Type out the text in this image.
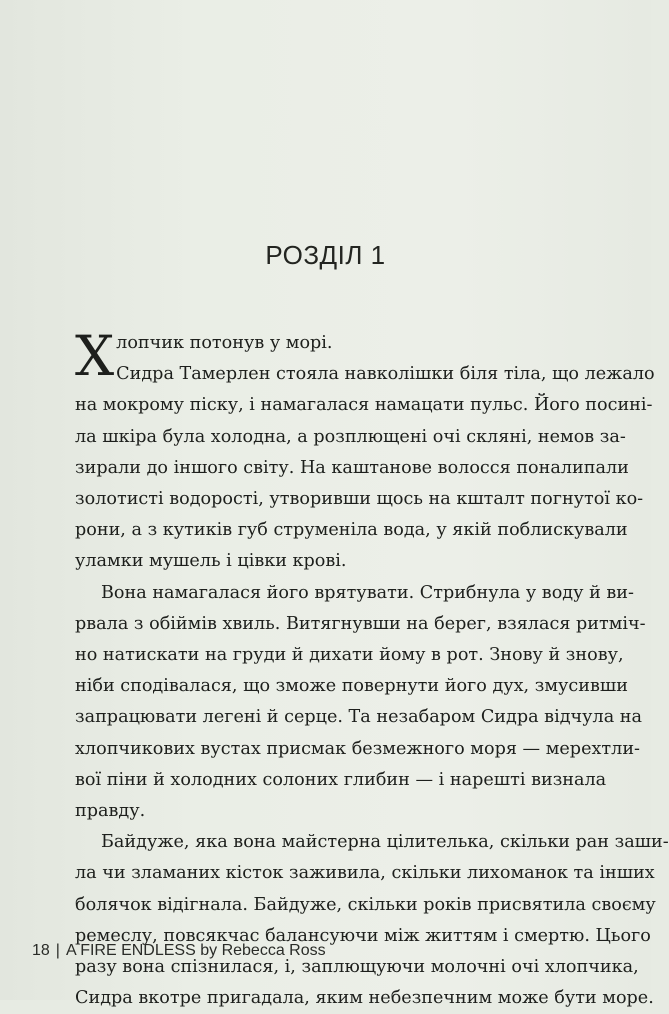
РОЗДІЛ 1
Х лопчик потонув у морі.
Сидра Тамерлен стояла навколішки біля тіла, що лежало
на мокрому піску, і намагалася намацати пульс. Його посині-
ла шкіра була холодна, а розплющені очі скляні, немов за-
зирали до іншого світу. На каштанове волосся поналипали
золотисті водорості, утворивши щось на кшталт погнутої ко-
рони, а з кутиків губ струменіла вода, у якій поблискували
уламки мушель і цівки крові.
Вона намагалася його врятувати. Стрибнула у воду й ви-
рвала з обіймів хвиль. Витягнувши на берег, взялася ритміч-
но натискати на груди й дихати йому в рот. Знову й знову,
ніби сподівалася, що зможе повернути його дух, змусивши
запрацювати легені й серце. Та незабаром Сидра відчула на
хлопчикових вустах присмак безмежного моря — мерехтли-
вої піни й холодних солоних глибин — і нарешті визнала
правду.
Байдуже, яка вона майстерна цілителька, скільки ран заши-
ла чи зламаних кісток заживила, скільки лихоманок та інших
болячок відігнала. Байдуже, скільки років присвятила своєму
ремеслу, повсякчас балансуючи між життям і смертю. Цього
разу вона спізнилася, і, заплющуючи молочні очі хлопчика,
Сидра вкотре пригадала, яким небезпечним може бути море.
18 | A FIRE ENDLESS by Rebecca Ross
